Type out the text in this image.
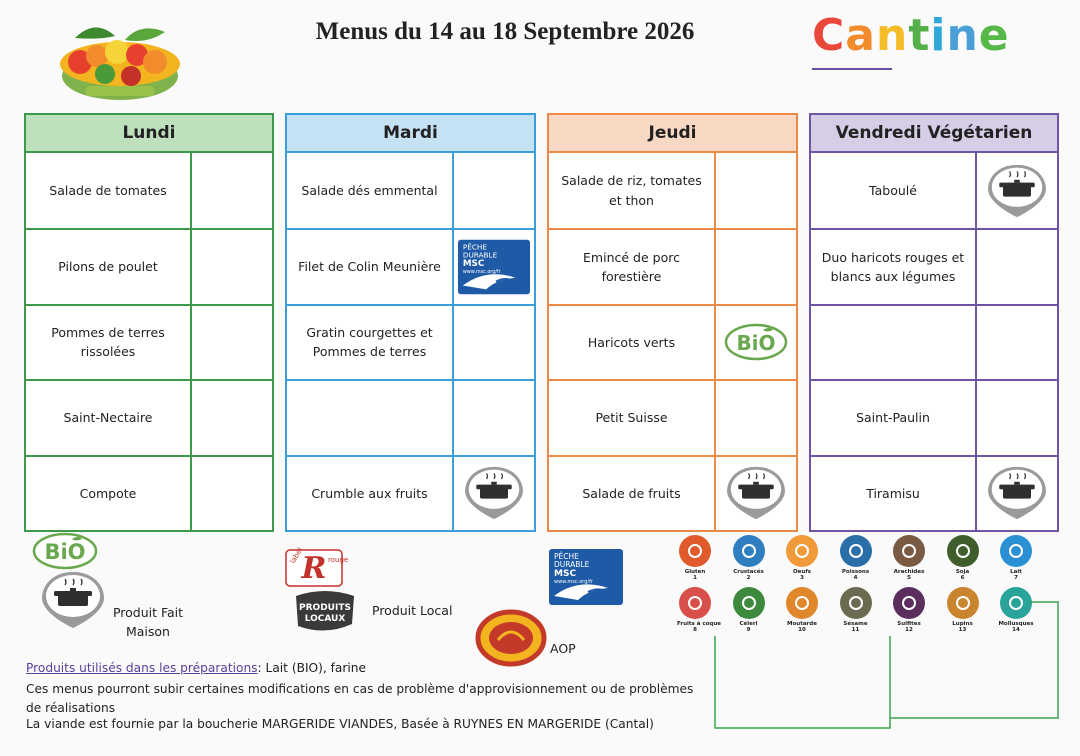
Menus du 14 au 18 Septembre 2026	Cantine
Lundi
Salade de tomates
Pilons de poulet
Pommes de terres rissolées
Saint-Nectaire
Compote
Mardi
Salade dés emmental
Filet de Colin Meunière
Gratin courgettes et Pommes de terres
Crumble aux fruits
Jeudi
Salade de riz, tomates et thon
Emincé de porc forestière
Haricots verts
Petit Suisse
Salade de fruits
Vendredi Végétarien
Taboulé
Duo haricots rouges et blancs aux légumes
Saint-Paulin
Tiramisu
BiO
Produit Fait Maison
R
label	rouge
PRODUITS
LOCAUX
Produit Local
AOP
Gluten
1
Crustacés
2
Oeufs
3
Poissons
4
Arachides
5
Soja
6
Lait
7
Fruits à coque
8
Céleri
9
Moutarde
10
Sésame
11
Sulfites
12
Lupins
13
Mollusques
14
Produits utilisés dans les préparations: Lait (BIO), farine
Ces menus pourront subir certaines modifications en cas de problème d'approvisionnement ou de problèmes de réalisations
La viande est fournie par la boucherie MARGERIDE VIANDES, Basée à RUYNES EN MARGERIDE (Cantal)
